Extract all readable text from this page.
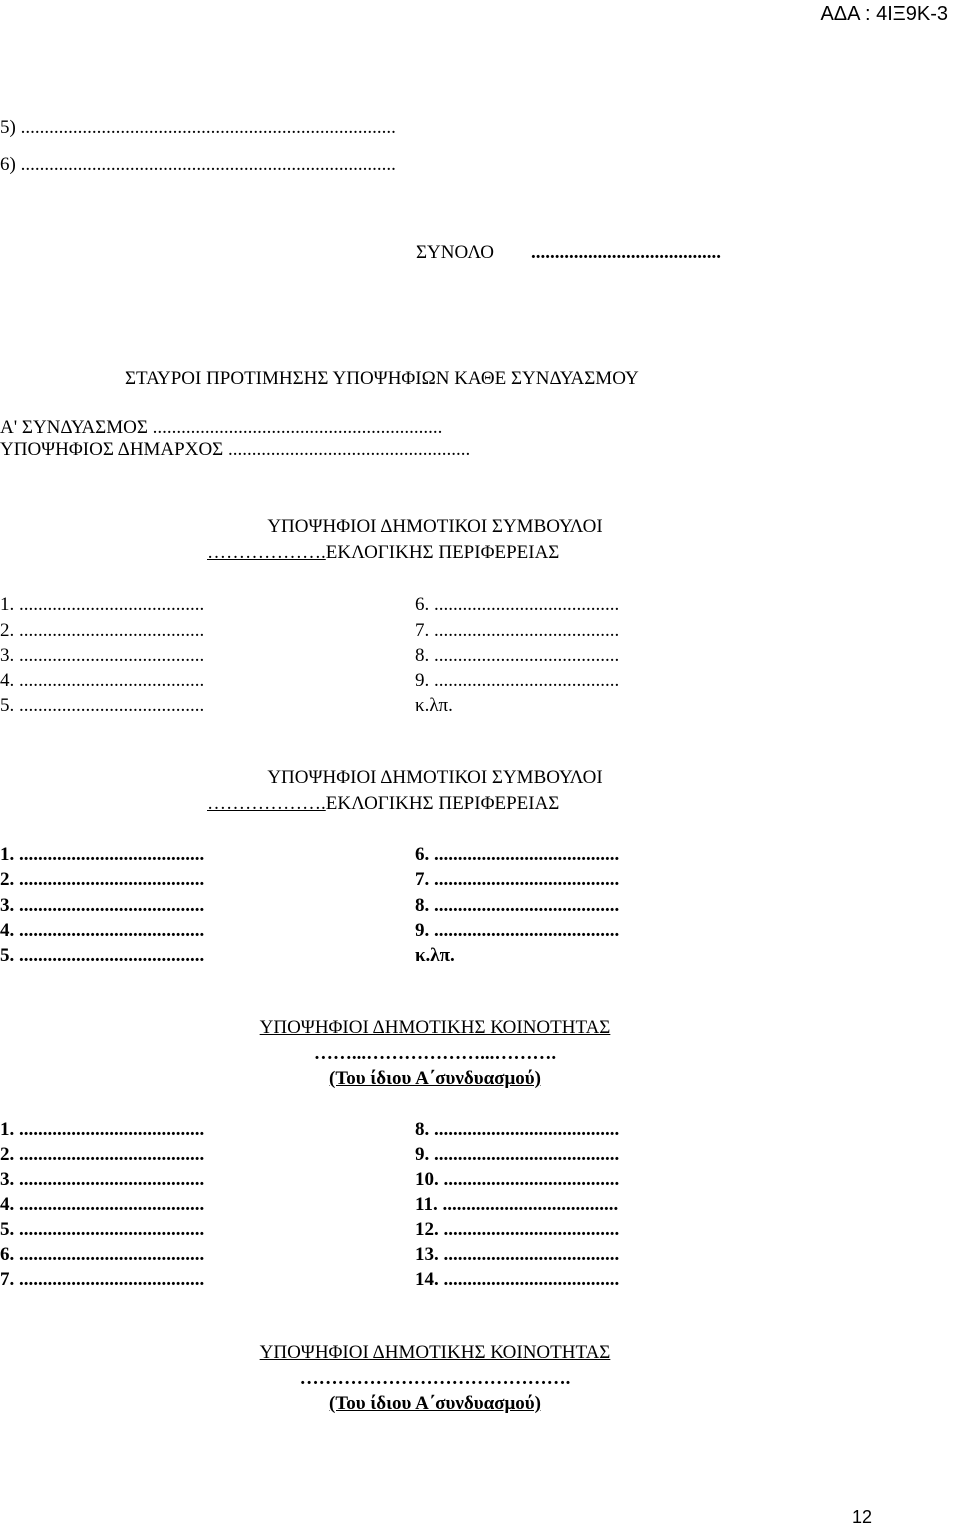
ΑΔΑ : 4ΙΞ9Κ-3
5) ...............................................................................
6) ...............................................................................
ΣΥΝΟΛΟ ........................................
ΣΤΑΥΡΟΙ ΠΡΟΤΙΜΗΣΗΣ ΥΠΟΨΗΦΙΩΝ ΚΑΘΕ ΣΥΝΔΥΑΣΜΟΥ
Α' ΣΥΝΔΥΑΣΜΟΣ .............................................................
ΥΠΟΨΗΦΙΟΣ ΔΗΜΑΡΧΟΣ ...................................................
ΥΠΟΨΗΦΙΟΙ ΔΗΜΟΤΙΚΟΙ ΣΥΜΒΟΥΛΟΙ
……………….ΕΚΛΟΓΙΚΗΣ ΠΕΡΙΦΕΡΕΙΑΣ
1. .......................................
2. .......................................
3. .......................................
4. .......................................
5. .......................................
6. .......................................
7. .......................................
8. .......................................
9. .......................................
κ.λπ.
ΥΠΟΨΗΦΙΟΙ ΔΗΜΟΤΙΚΟΙ ΣΥΜΒΟΥΛΟΙ
……………….ΕΚΛΟΓΙΚΗΣ ΠΕΡΙΦΕΡΕΙΑΣ
1. .......................................
2. .......................................
3. .......................................
4. .......................................
5. .......................................
6. .......................................
7. .......................................
8. .......................................
9. .......................................
κ.λπ.
ΥΠΟΨΗΦΙΟΙ ΔΗΜΟΤΙΚΗΣ ΚΟΙΝΟΤΗΤΑΣ
……...………………...……….
(Του ίδιου Α΄συνδυασμού)
1. .......................................
2. .......................................
3. .......................................
4. .......................................
5. .......................................
6. .......................................
7. .......................................
8. .......................................
9. .......................................
10. .....................................
11. .....................................
12. .....................................
13. .....................................
14. .....................................
ΥΠΟΨΗΦΙΟΙ ΔΗΜΟΤΙΚΗΣ ΚΟΙΝΟΤΗΤΑΣ
…………………………………….
(Του ίδιου Α΄συνδυασμού)
12
